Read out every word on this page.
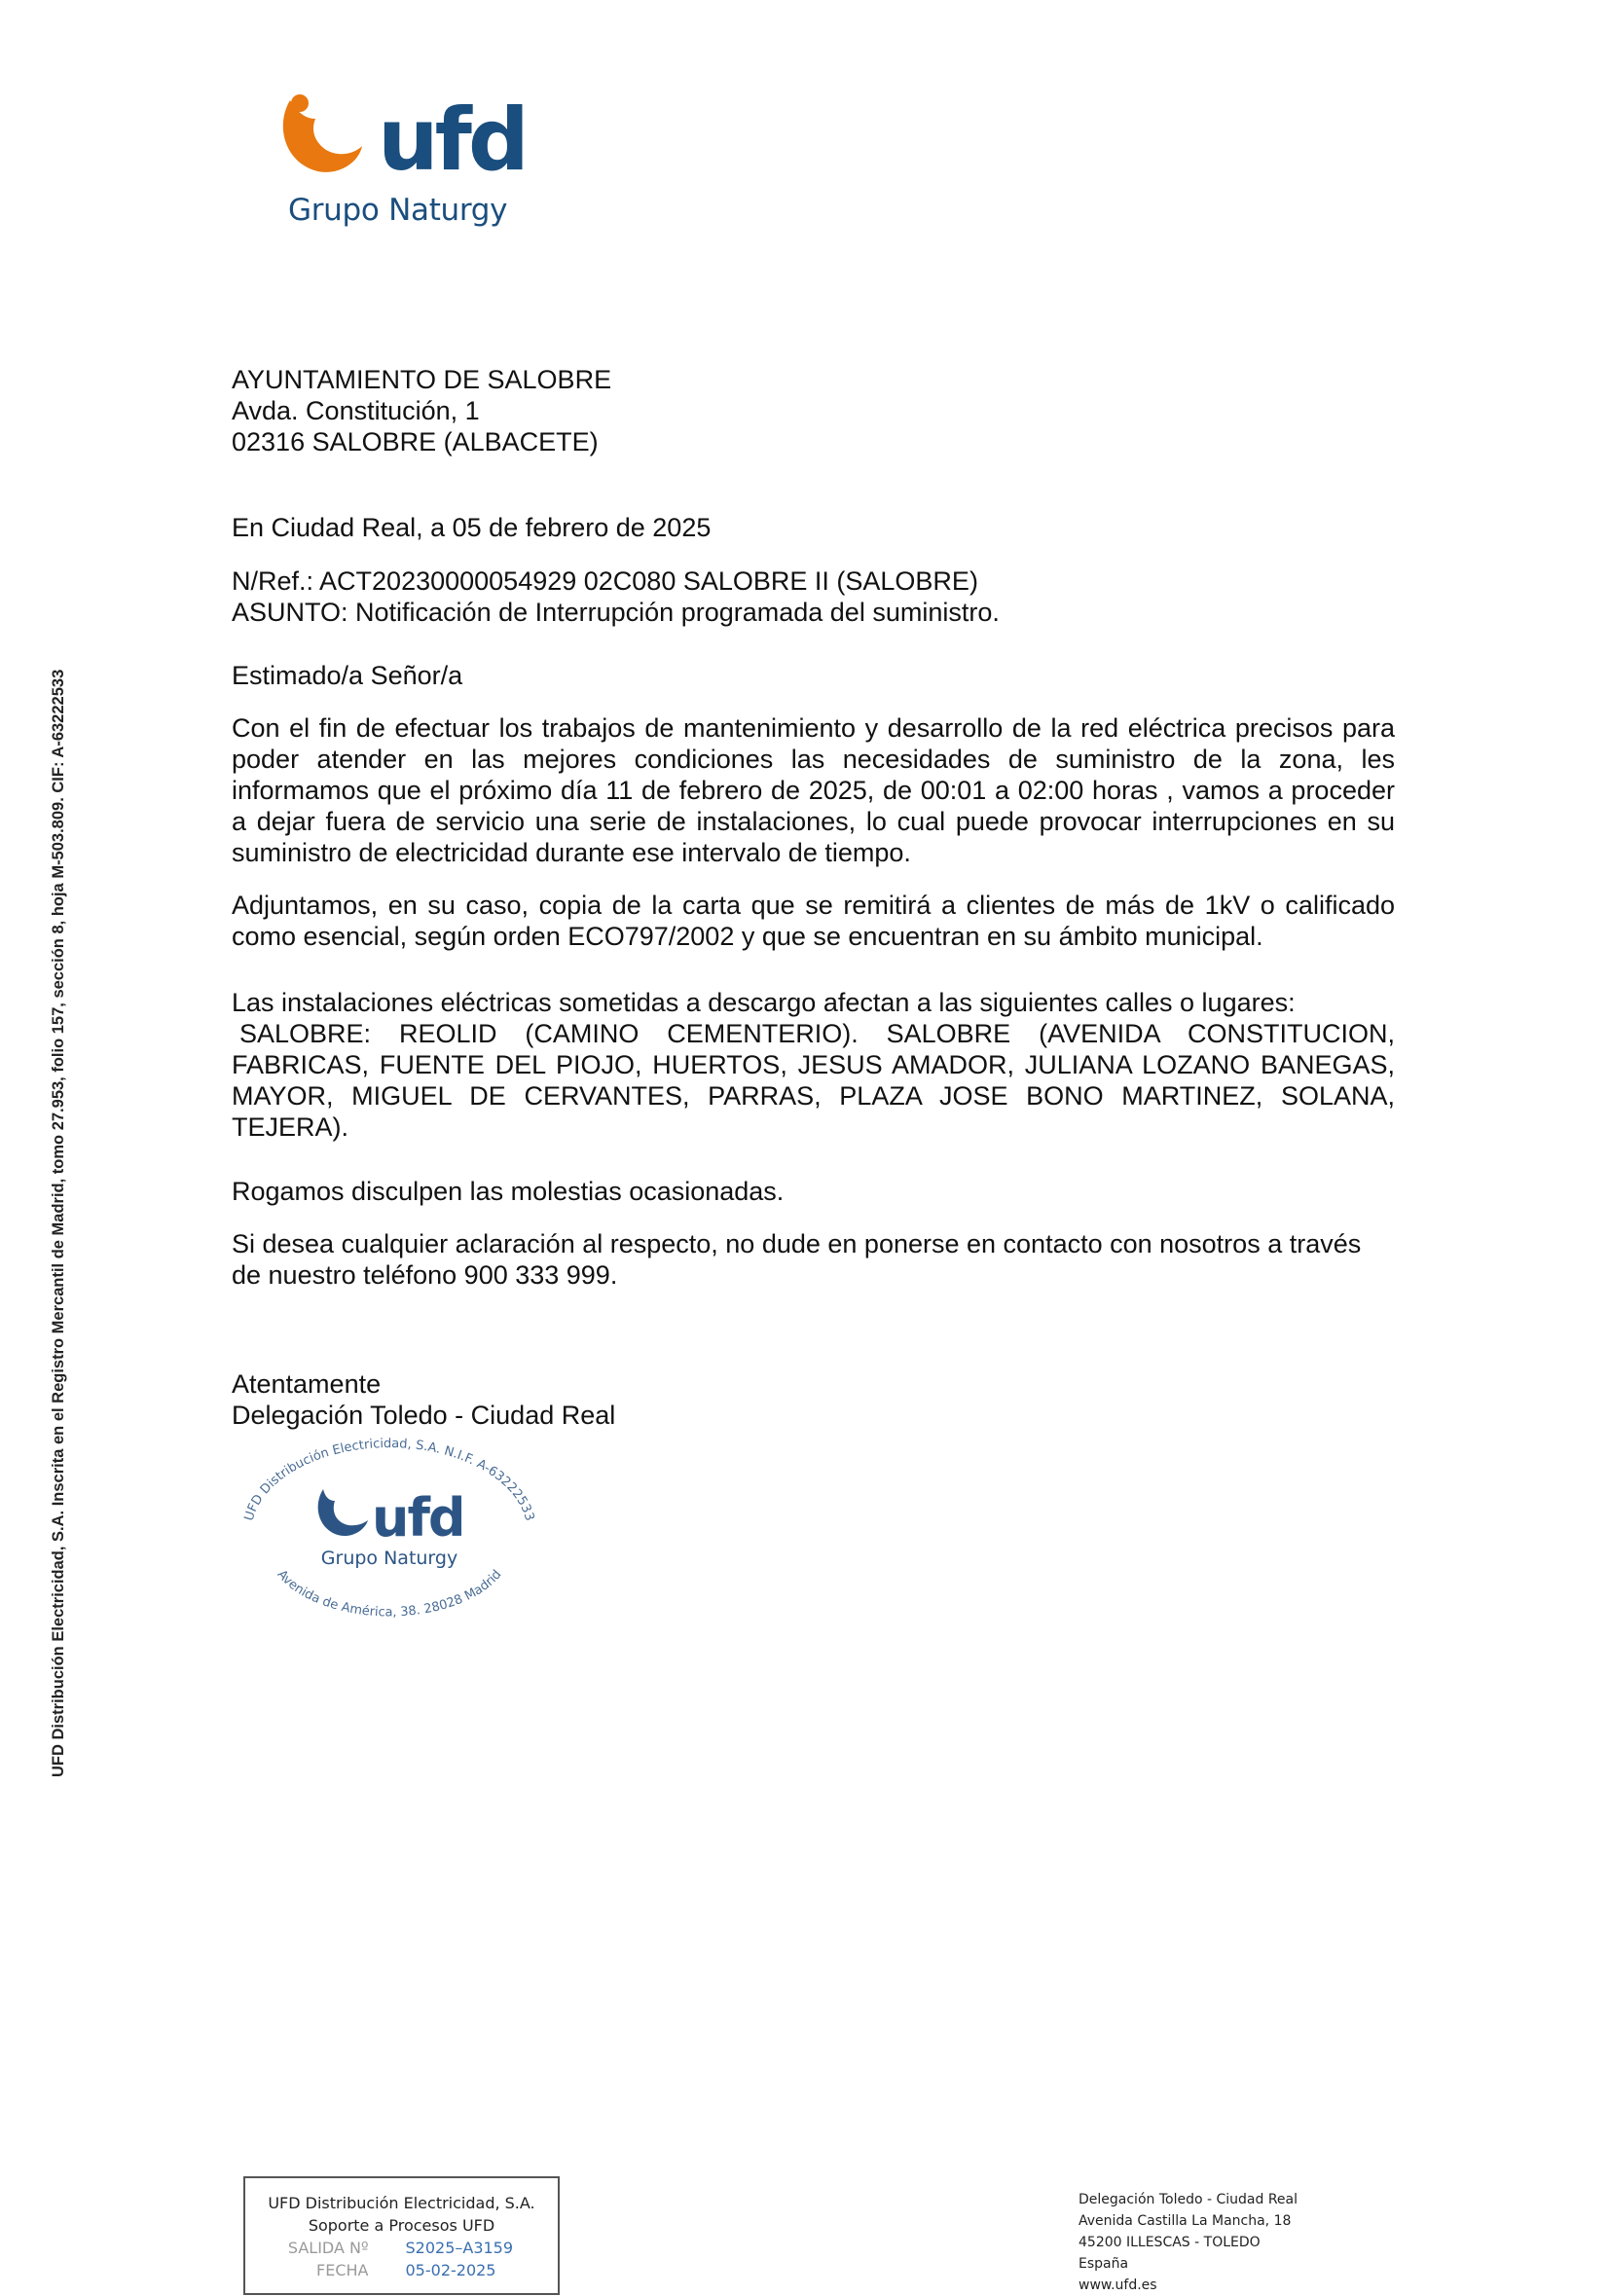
ufd
Grupo Naturgy

AYUNTAMIENTO DE SALOBRE

Avda. Constitución, 1

02316 SALOBRE (ALBACETE)

En Ciudad Real, a 05 de febrero de 2025

N/Ref.: ACT20230000054929 02C080 SALOBRE II (SALOBRE)

ASUNTO: Notificación de Interrupción programada del suministro.

Estimado/a Señor/a
Con el fin de efectuar los trabajos de mantenimiento y desarrollo de la red eléctrica precisos para poder atender en las mejores condiciones las necesidades de suministro de la zona, les informamos que el próximo día 11 de febrero de 2025, de 00:01 a 02:00 horas , vamos a proceder a dejar fuera de servicio una serie de instalaciones, lo cual puede provocar interrupciones en su suministro de electricidad durante ese intervalo de tiempo.
Adjuntamos, en su caso, copia de la carta que se remitirá a clientes de más de 1kV o calificado como esencial, según orden ECO797/2002 y que se encuentran en su ámbito municipal.

Las instalaciones eléctricas sometidas a descargo afectan a las siguientes calles o lugares:

SALOBRE: REOLID (CAMINO CEMENTERIO). SALOBRE (AVENIDA CONSTITUCION, FABRICAS, FUENTE DEL PIOJO, HUERTOS, JESUS AMADOR, JULIANA LOZANO BANEGAS, MAYOR, MIGUEL DE CERVANTES, PARRAS, PLAZA JOSE BONO MARTINEZ, SOLANA, TEJERA).

Rogamos disculpen las molestias ocasionadas.
Si desea cualquier aclaración al respecto, no dude en ponerse en contacto con nosotros a través de nuestro teléfono 900 333 999.

Atentamente

Delegación Toledo - Ciudad Real

UFD Distribución Electricidad, S.A. N.I.F. A-63222533
Avenida de América, 38. 28028 Madrid
ufd
Grupo Naturgy
UFD Distribución Electricidad, S.A. Inscrita en el Registro Mercantil de Madrid, tomo 27.953, folio 157, sección 8, hoja M-503.809. CIF: A-63222533
UFD Distribución Electricidad, S.A.
Soporte a Procesos UFD
SALIDA Nº S2025–A3159
FECHA 05-02-2025
Delegación Toledo - Ciudad Real
Avenida Castilla La Mancha, 18
45200 ILLESCAS - TOLEDO
España
www.ufd.es
